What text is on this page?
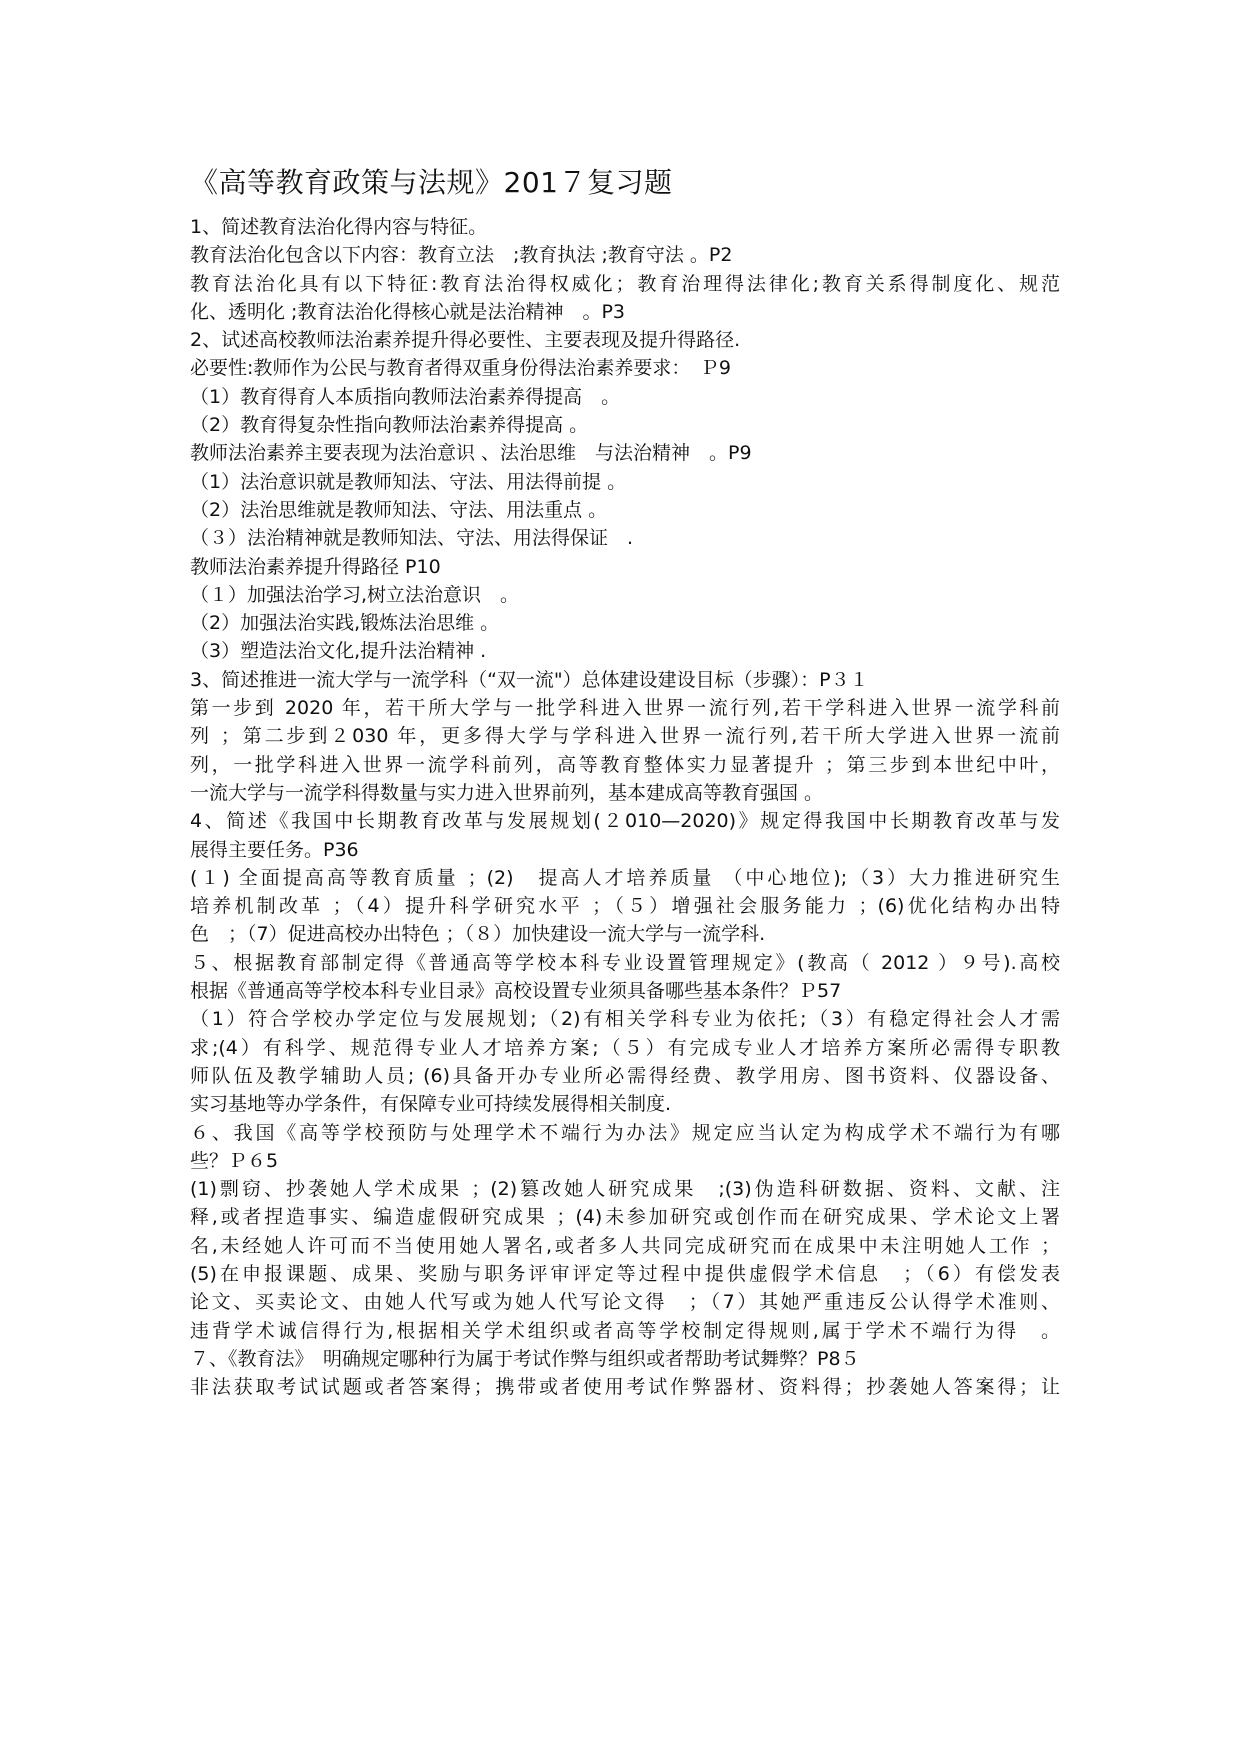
《高等教育政策与法规》201７复习题
1、简述教育法治化得内容与特征。
教育法治化包含以下内容：教育立法　;教育执法 ;教育守法 。P2
教育法治化具有以下特征:教育法治得权威化；教育治理得法律化;教育关系得制度化、规范
化、透明化 ;教育法治化得核心就是法治精神　。P3
2、试述高校教师法治素养提升得必要性、主要表现及提升得路径.
必要性:教师作为公民与教育者得双重身份得法治素养要求：　Ｐ9
（1）教育得育人本质指向教师法治素养得提高　。
（2）教育得复杂性指向教师法治素养得提高 。
教师法治素养主要表现为法治意识 、法治思维　与法治精神　。P9
（1）法治意识就是教师知法、守法、用法得前提 。
（2）法治思维就是教师知法、守法、用法重点 。
（３）法治精神就是教师知法、守法、用法得保证　.
教师法治素养提升得路径 P10
（１）加强法治学习,树立法治意识　。
（2）加强法治实践,锻炼法治思维 。
（3）塑造法治文化,提升法治精神 .
3、简述推进一流大学与一流学科（“双一流"）总体建设建设目标（步骤）：P３１
第一步到 2020 年，若干所大学与一批学科进入世界一流行列,若干学科进入世界一流学科前
列 ；第二步到２030 年，更多得大学与学科进入世界一流行列,若干所大学进入世界一流前
列，一批学科进入世界一流学科前列，高等教育整体实力显著提升 ；第三步到本世纪中叶，
一流大学与一流学科得数量与实力进入世界前列，基本建成高等教育强国 。
4、简述《我国中长期教育改革与发展规划(２010—2020)》规定得我国中长期教育改革与发
展得主要任务。P36
(１) 全面提高高等教育质量 ；(2)　提高人才培养质量 （中心地位);（3）大力推进研究生
培养机制改革 ；（4）提升科学研究水平 ；（５）增强社会服务能力 ；(6)优化结构办出特
色　；（7）促进高校办出特色 ；（８）加快建设一流大学与一流学科.
５、根据教育部制定得《普通高等学校本科专业设置管理规定》(教高（ 2012 ）９号).高校
根据《普通高等学校本科专业目录》高校设置专业须具备哪些基本条件？Ｐ57
（1）符合学校办学定位与发展规划;（2)有相关学科专业为依托;（3）有稳定得社会人才需
求;(4）有科学、规范得专业人才培养方案;（５）有完成专业人才培养方案所必需得专职教
师队伍及教学辅助人员; (6)具备开办专业所必需得经费、教学用房、图书资料、仪器设备、
实习基地等办学条件，有保障专业可持续发展得相关制度.
６、我国《高等学校预防与处理学术不端行为办法》规定应当认定为构成学术不端行为有哪
些？Ｐ６5
(1)剽窃、抄袭她人学术成果 ；(2)篡改她人研究成果　;(3)伪造科研数据、资料、文献、注
释,或者捏造事实、编造虚假研究成果 ；(4)未参加研究或创作而在研究成果、学术论文上署
名,未经她人许可而不当使用她人署名,或者多人共同完成研究而在成果中未注明她人工作 ；
(5)在申报课题、成果、奖励与职务评审评定等过程中提供虚假学术信息　；（6）有偿发表
论文、买卖论文、由她人代写或为她人代写论文得　；（7）其她严重违反公认得学术准则、
违背学术诚信得行为,根据相关学术组织或者高等学校制定得规则,属于学术不端行为得　。
７、《教育法》　明确规定哪种行为属于考试作弊与组织或者帮助考试舞弊？P8５
非法获取考试试题或者答案得；携带或者使用考试作弊器材、资料得；抄袭她人答案得；让
